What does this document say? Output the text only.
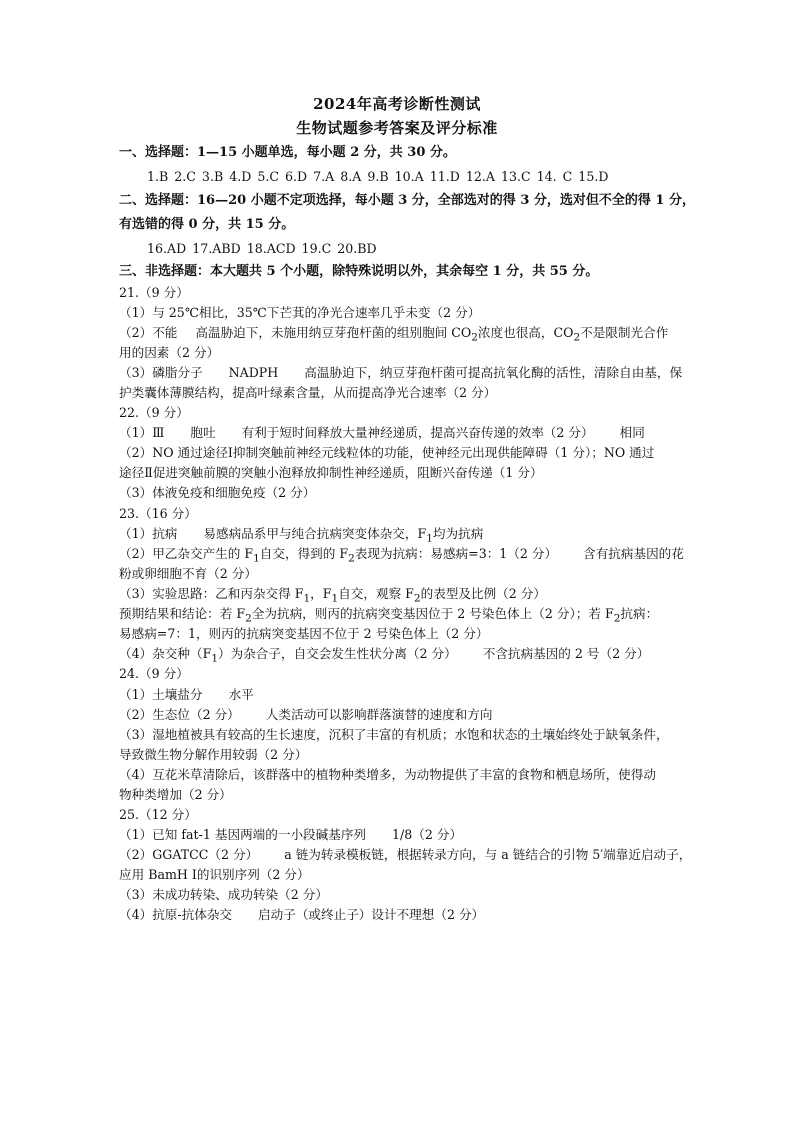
2024年高考诊断性测试
生物试题参考答案及评分标准
一、选择题：1—15 小题单选，每小题 2 分，共 30 分。
1.B 2.C 3.B 4.D 5.C 6.D 7.A 8.A 9.B 10.A 11.D 12.A 13.C 14. C 15.D
二、选择题：16—20 小题不定项选择，每小题 3 分，全部选对的得 3 分，选对但不全的得 1 分，
有选错的得 0 分，共 15 分。
16.AD 17.ABD 18.ACD 19.C 20.BD
三、非选择题：本大题共 5 个小题，除特殊说明以外，其余每空 1 分，共 55 分。
21.（9 分）
（1）与 25℃相比，35℃下芒萁的净光合速率几乎未变（2 分）
（2）不能 高温胁迫下，未施用纳豆芽孢杆菌的组别胞间 $CO_2$浓度也很高，$CO_2$不是限制光合作
用的因素（2 分）
（3）磷脂分子 NADPH 高温胁迫下，纳豆芽孢杆菌可提高抗氧化酶的活性，清除自由基，保
护类囊体薄膜结构，提高叶绿素含量，从而提高净光合速率（2 分）
22.（9 分）
（1）Ⅲ 胞吐 有利于短时间释放大量神经递质，提高兴奋传递的效率（2 分） 相同
（2）NO 通过途径Ⅰ抑制突触前神经元线粒体的功能，使神经元出现供能障碍（1 分）；NO 通过
途径Ⅱ促进突触前膜的突触小泡释放抑制性神经递质，阻断兴奋传递（1 分）
（3）体液免疫和细胞免疫（2 分）
23.（16 分）
（1）抗病 易感病品系甲与纯合抗病突变体杂交，$F_1$均为抗病
（2）甲乙杂交产生的 $F_1$自交，得到的 $F_2$表现为抗病：易感病=3：1（2 分） 含有抗病基因的花
粉或卵细胞不育（2 分）
（3）实验思路：乙和丙杂交得 $F_1$，$F_1$自交，观察 $F_2$的表型及比例（2 分）
预期结果和结论：若 $F_2$全为抗病，则丙的抗病突变基因位于 2 号染色体上（2 分）；若 $F_2$抗病：
易感病=7：1，则丙的抗病突变基因不位于 2 号染色体上（2 分）
（4）杂交种$(F_1)$为杂合子，自交会发生性状分离（2 分） 不含抗病基因的 2 号（2 分）
24.（9 分）
（1）土壤盐分 水平
（2）生态位（2 分） 人类活动可以影响群落演替的速度和方向
（3）湿地植被具有较高的生长速度，沉积了丰富的有机质；水饱和状态的土壤始终处于缺氧条件，
导致微生物分解作用较弱（2 分）
（4）互花米草清除后，该群落中的植物种类增多，为动物提供了丰富的食物和栖息场所，使得动
物种类增加（2 分）
25.（12 分）
（1）已知 fat-1 基因两端的一小段碱基序列 1/8（2 分）
（2）GGATCC（2 分） a 链为转录模板链，根据转录方向，与 a 链结合的引物 5′端靠近启动子，
应用 BamH Ⅰ的识别序列（2 分）
（3）未成功转染、成功转染（2 分）
（4）抗原-抗体杂交 启动子（或终止子）设计不理想（2 分）
